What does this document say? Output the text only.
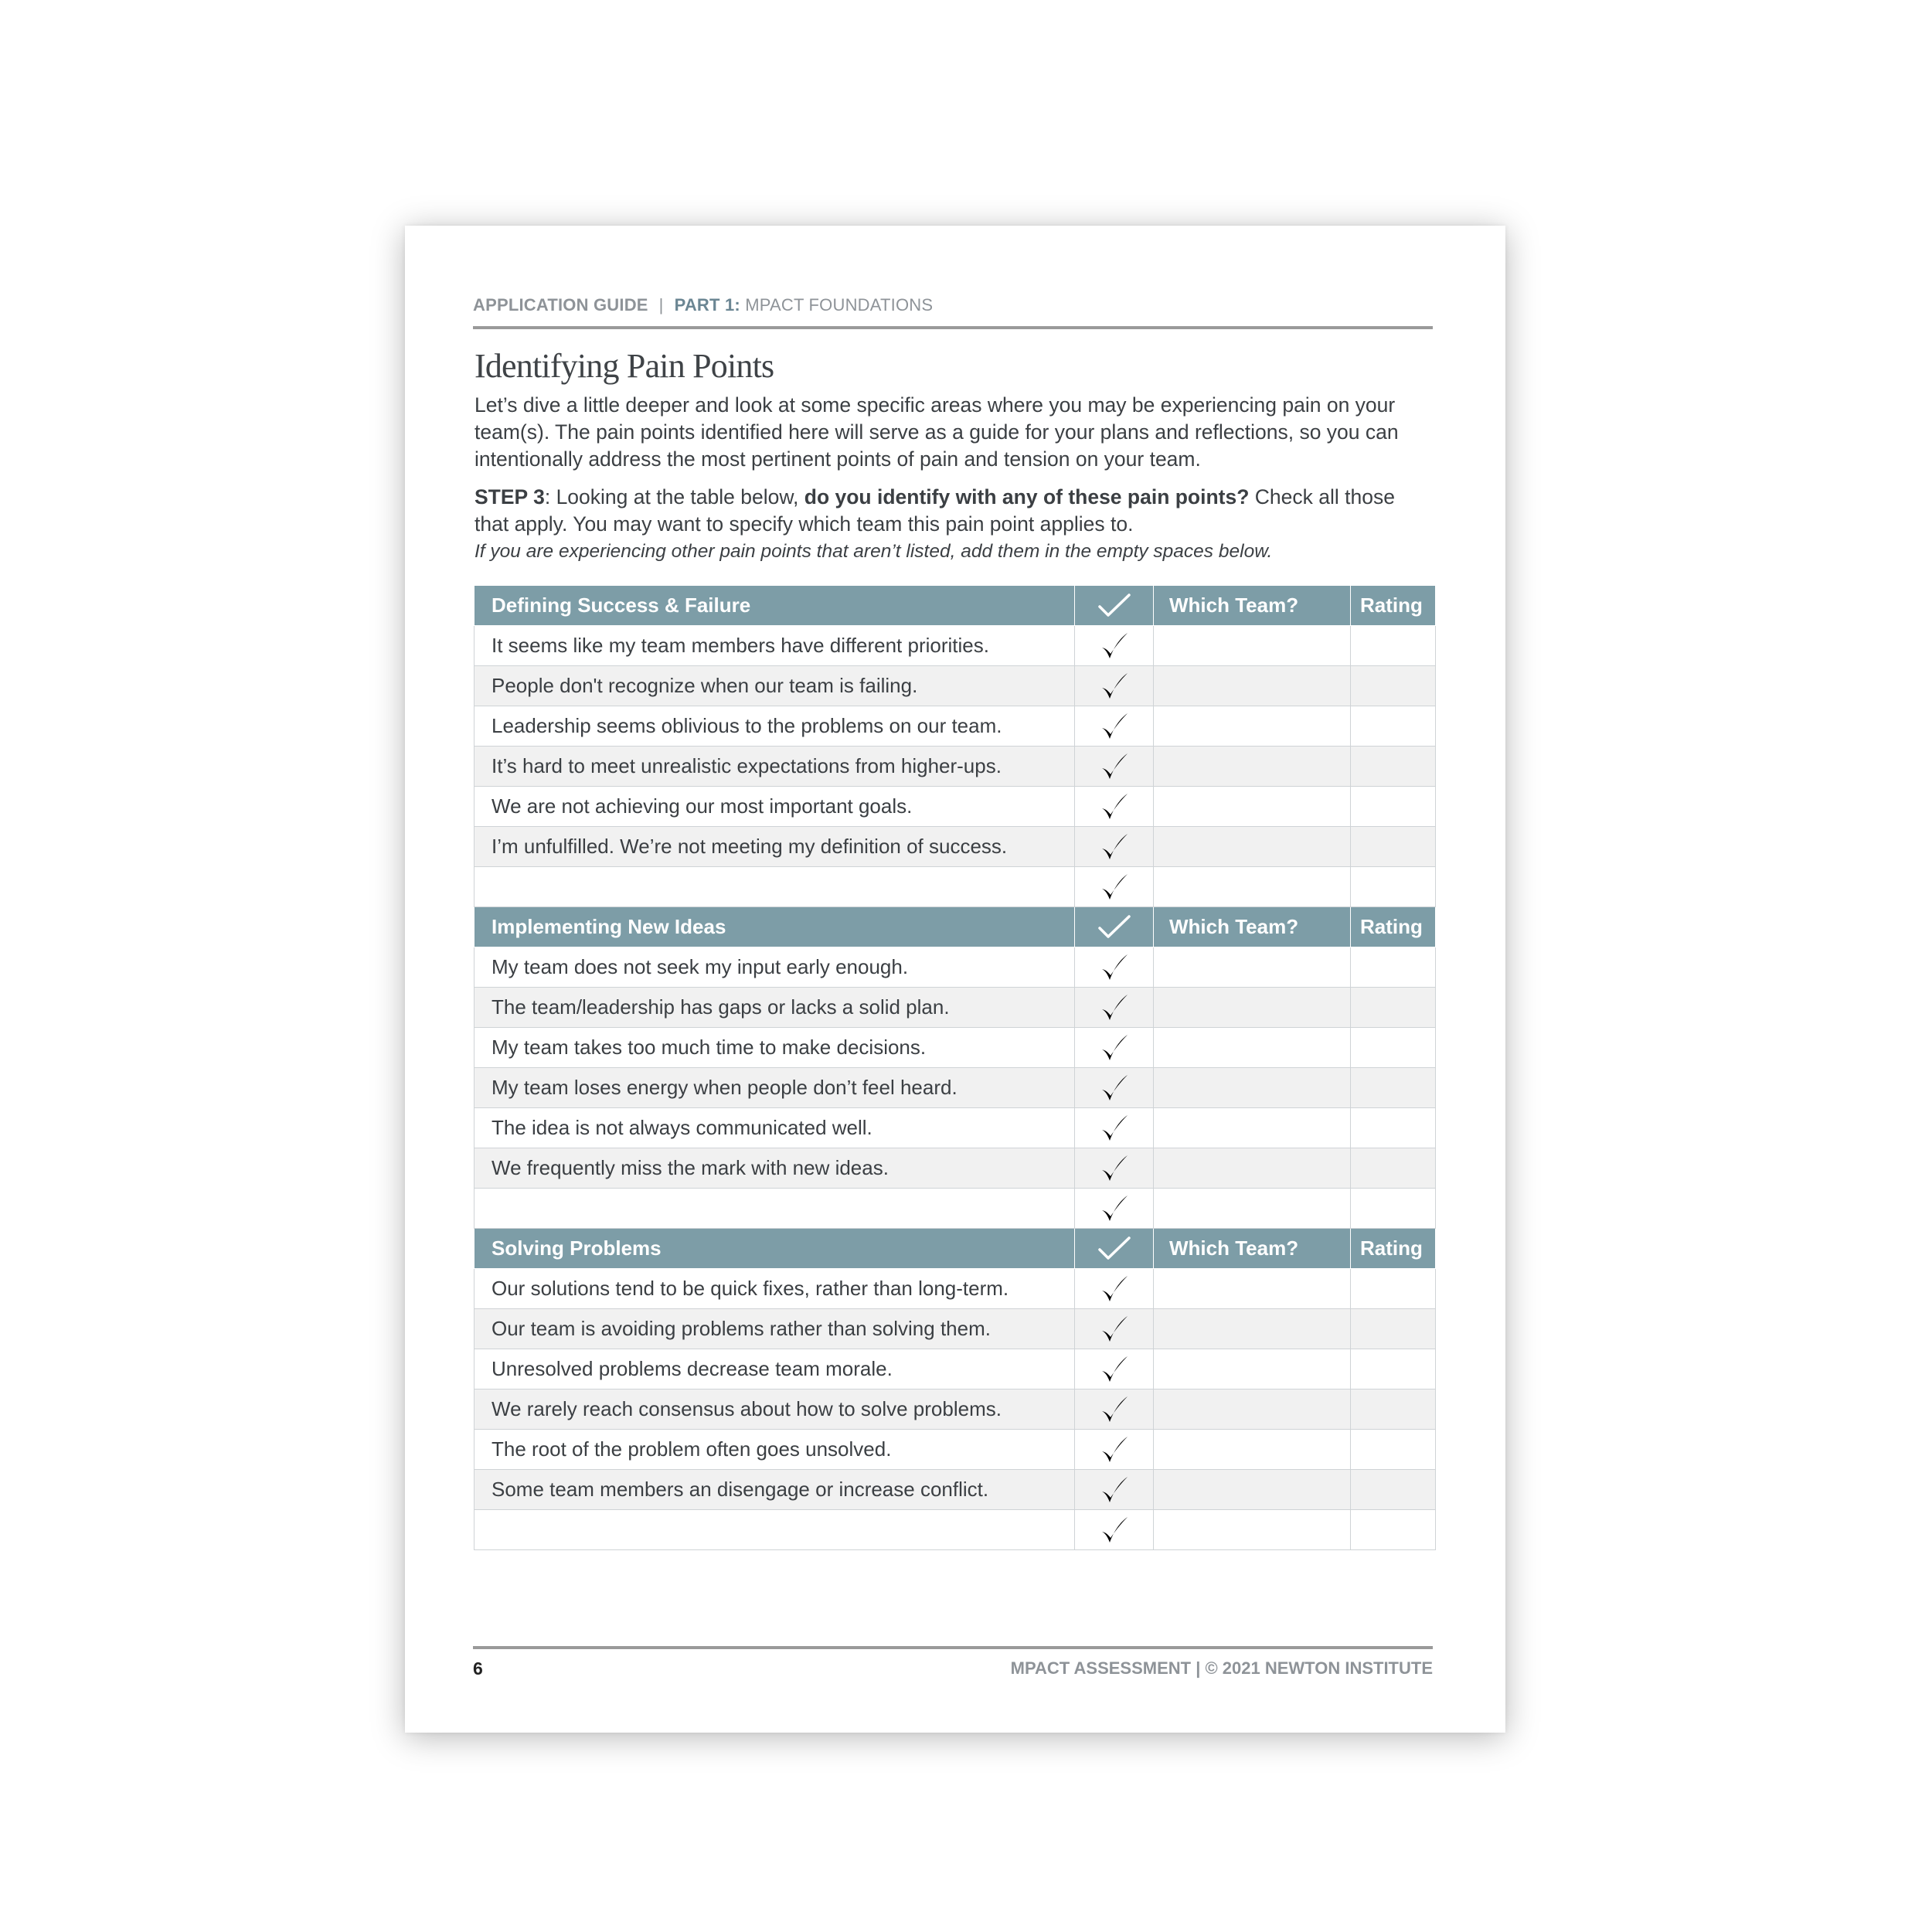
APPLICATION GUIDE | PART 1: MPACT FOUNDATIONS
Identifying Pain Points

Let’s dive a little deeper and look at some specific areas where you may be experiencing pain on your team(s). The pain points identified here will serve as a guide for your plans and reflections, so you can intentionally address the most pertinent points of pain and tension on your team.

STEP 3: Looking at the table below, do you identify with any of these pain points? Check all those that apply. You may want to specify which team this pain point applies to.

If you are experiencing other pain points that aren’t listed, add them in the empty spaces below.

Defining Success & Failure		Which Team?	Rating
It seems like my team members have different priorities.	

People don't recognize when our team is failing.	

Leadership seems oblivious to the problems on our team.	

It’s hard to meet unrealistic expectations from higher-ups.	

We are not achieving our most important goals.	

I’m unfulfilled. We’re not meeting my definition of success.	

Implementing New Ideas		Which Team?	Rating
My team does not seek my input early enough.	

The team/leadership has gaps or lacks a solid plan.	

My team takes too much time to make decisions.	

My team loses energy when people don’t feel heard.	

The idea is not always communicated well.	

We frequently miss the mark with new ideas.	

Solving Problems		Which Team?	Rating
Our solutions tend to be quick fixes, rather than long-term.	

Our team is avoiding problems rather than solving them.	

Unresolved problems decrease team morale.	

We rarely reach consensus about how to solve problems.	

The root of the problem often goes unsolved.	

Some team members an disengage or increase conflict.	

6	MPACT ASSESSMENT | © 2021 NEWTON INSTITUTE
